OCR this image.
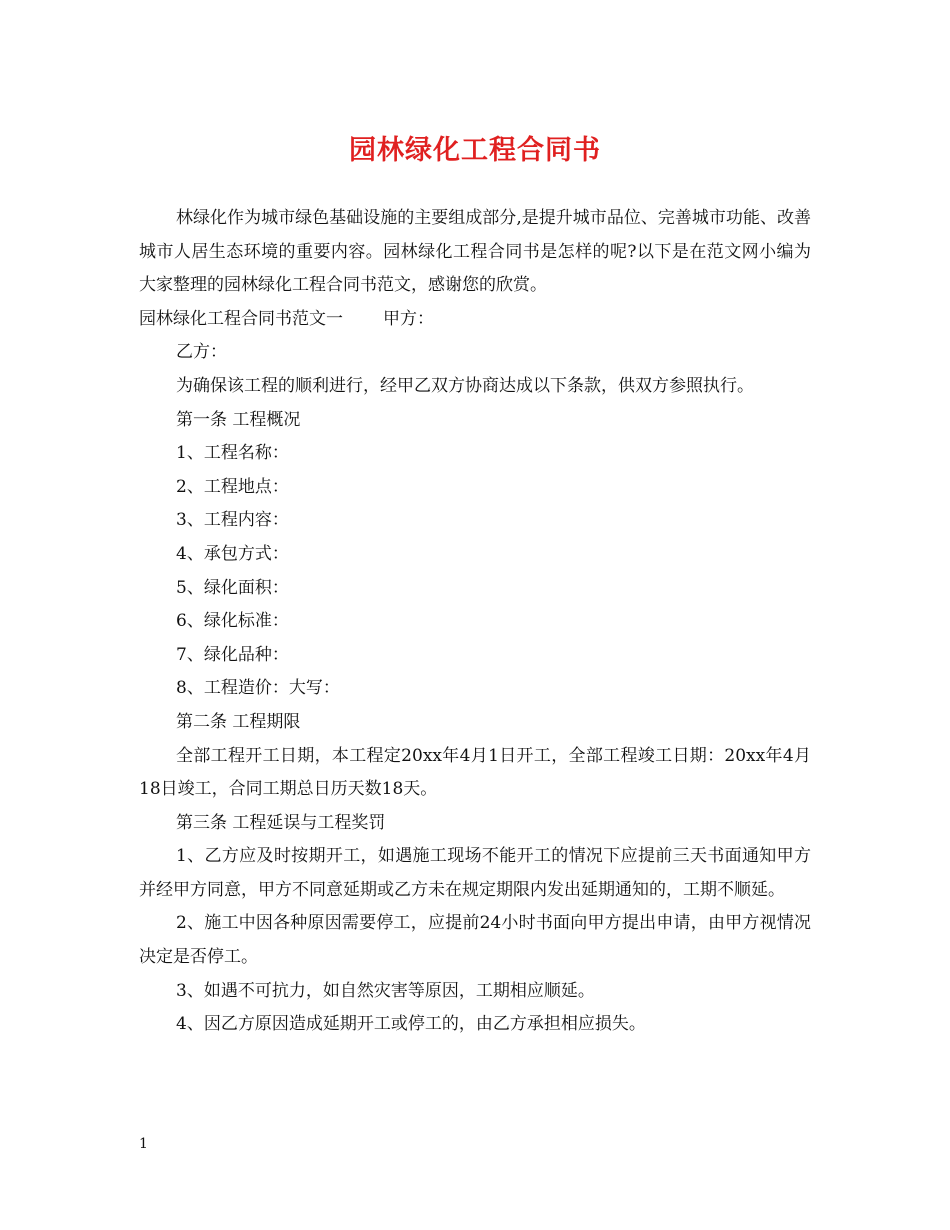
园林绿化工程合同书

林绿化作为城市绿色基础设施的主要组成部分,是提升城市品位、完善城市功能、改善城市人居生态环境的重要内容。园林绿化工程合同书是怎样的呢?以下是在范文网小编为大家整理的园林绿化工程合同书范文，感谢您的欣赏。

园林绿化工程合同书范文一 甲方：

乙方：

为确保该工程的顺利进行，经甲乙双方协商达成以下条款，供双方参照执行。

第一条 工程概况

1、工程名称：

2、工程地点：

3、工程内容：

4、承包方式：

5、绿化面积：

6、绿化标准：

7、绿化品种：

8、工程造价：大写：

第二条 工程期限

全部工程开工日期，本工程定20xx年4月1日开工，全部工程竣工日期：20xx年4月18日竣工，合同工期总日历天数18天。

第三条 工程延误与工程奖罚

1、乙方应及时按期开工，如遇施工现场不能开工的情况下应提前三天书面通知甲方并经甲方同意，甲方不同意延期或乙方未在规定期限内发出延期通知的，工期不顺延。

2、施工中因各种原因需要停工，应提前24小时书面向甲方提出申请，由甲方视情况决定是否停工。

3、如遇不可抗力，如自然灾害等原因，工期相应顺延。

4、因乙方原因造成延期开工或停工的，由乙方承担相应损失。

1
